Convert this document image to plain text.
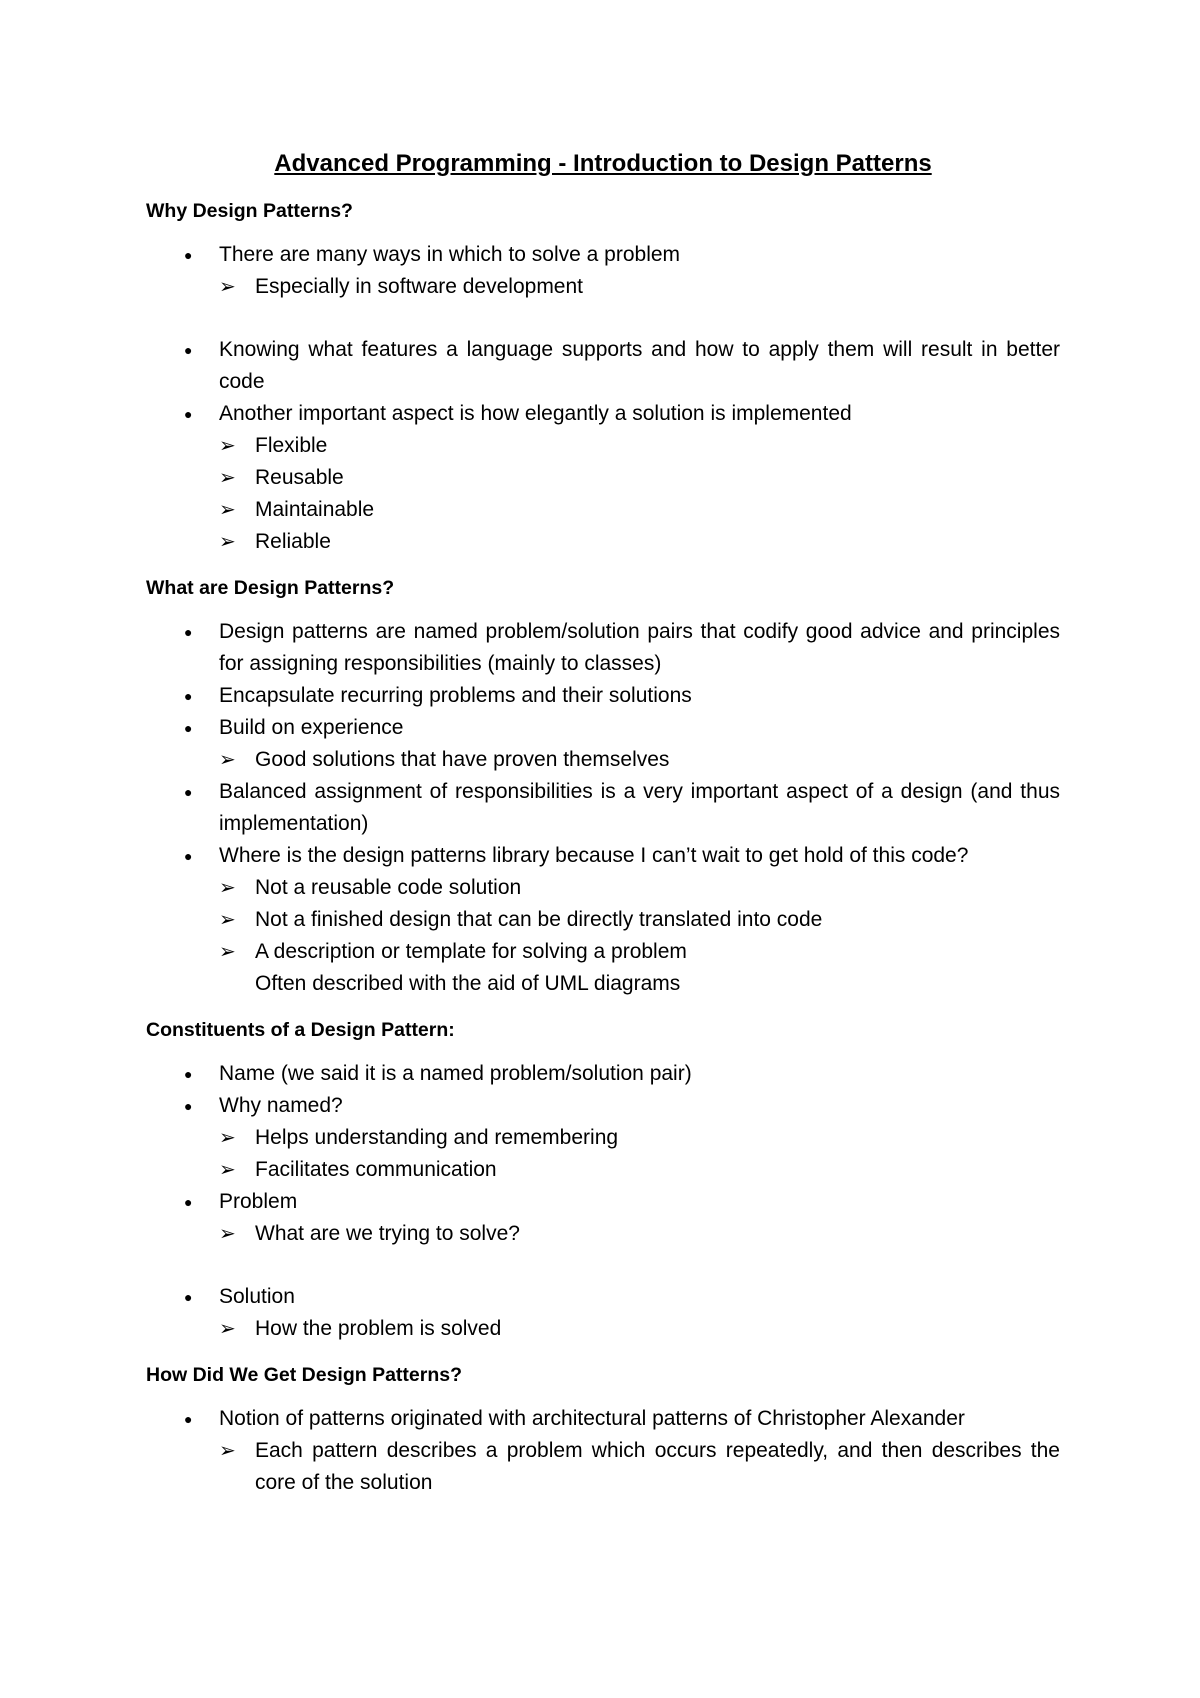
Advanced Programming - Introduction to Design Patterns
Why Design Patterns?
● There are many ways in which to solve a problem
➢ Especially in software development
● Knowing what features a language supports and how to apply them will result in better code
● Another important aspect is how elegantly a solution is implemented
➢ Flexible
➢ Reusable
➢ Maintainable
➢ Reliable
What are Design Patterns?
● Design patterns are named problem/solution pairs that codify good advice and principles for assigning responsibilities (mainly to classes)
● Encapsulate recurring problems and their solutions
● Build on experience
➢ Good solutions that have proven themselves
● Balanced assignment of responsibilities is a very important aspect of a design (and thus implementation)
● Where is the design patterns library because I can’t wait to get hold of this code?
➢ Not a reusable code solution
➢ Not a finished design that can be directly translated into code
➢ A description or template for solving a problem
Often described with the aid of UML diagrams
Constituents of a Design Pattern:
● Name (we said it is a named problem/solution pair)
● Why named?
➢ Helps understanding and remembering
➢ Facilitates communication
● Problem
➢ What are we trying to solve?
● Solution
➢ How the problem is solved
How Did We Get Design Patterns?
● Notion of patterns originated with architectural patterns of Christopher Alexander
➢ Each pattern describes a problem which occurs repeatedly, and then describes the core of the solution
